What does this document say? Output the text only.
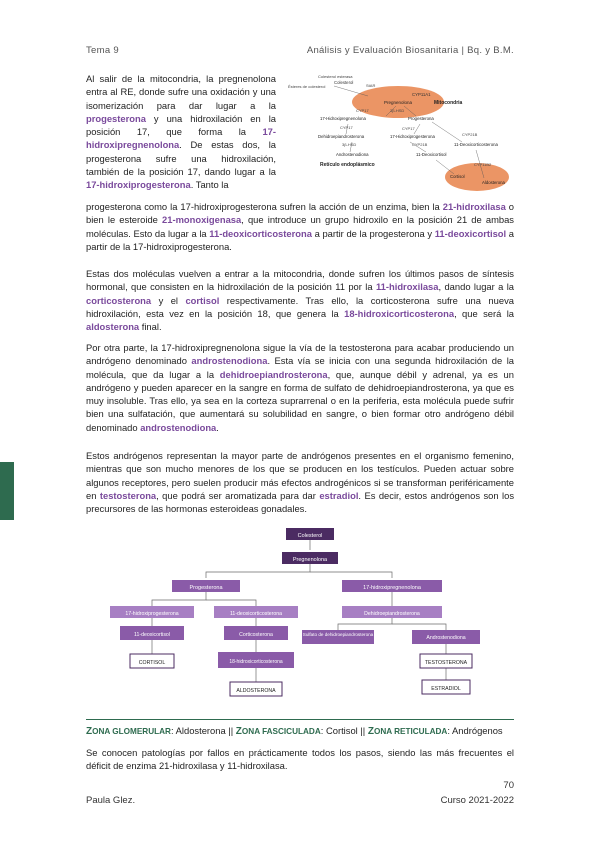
Tema 9	Análisis y Evaluación Biosanitaria | Bq. y B.M.

Al salir de la mitocondria, la pregnenolona entra al RE, donde sufre una oxidación y una isomerización para dar lugar a la progesterona y una hidroxilación en la posición 17, que forma la 17-hidroxipregnenolona. De estas dos, la progesterona sufre una hidroxilación, también de la posición 17, dando lugar a la 17-hidroxiprogesterona. Tanto la

Colesterol
Ésteres de colesterol
Colesterol esterasa
StAR
CYP11A1
Pregnenolona
3β-HSD
CYP17
17-Hidroxipregnenolona	Progesterona
Mitocondria
CYP17	CYP17
CYP21B
Dehidroepiandrosterona	17-Hidroxiprogesterona
11-Deoxicorticosterona
3β-HSD	CYP21B
Androstenodiona	11-Deoxicortisol
Retículo endoplásmico	CYP11B2
Cortisol
Aldosterona

progesterona como la 17-hidroxiprogesterona sufren la acción de un enzima, bien la 21-hidroxilasa o bien le esteroide 21-monoxigenasa, que introduce un grupo hidroxilo en la posición 21 de ambas moléculas. Esto da lugar a la 11-deoxicorticosterona a partir de la progesterona y 11-deoxicortisol a partir de la 17-hidroxiprogesterona.

Estas dos moléculas vuelven a entrar a la mitocondria, donde sufren los últimos pasos de síntesis hormonal, que consisten en la hidroxilación de la posición 11 por la 11-hidroxilasa, dando lugar a la corticosterona y el cortisol respectivamente. Tras ello, la corticosterona sufre una nueva hidroxilación, esta vez en la posición 18, que genera la 18-hidroxicorticosterona, que será la aldosterona final.

Por otra parte, la 17-hidroxipregnenolona sigue la vía de la testosterona para acabar produciendo un andrógeno denominado androstenodiona. Esta vía se inicia con una segunda hidroxilación de la molécula, que da lugar a la dehidroepiandrosterona, que, aunque débil y adrenal, ya es un andrógeno y pueden aparecer en la sangre en forma de sulfato de dehidroepiandrosterona, ya que es muy insoluble. Tras ello, ya sea en la corteza suprarrenal o en la periferia, esta molécula puede sufrir bien una sulfatación, que aumentará su solubilidad en sangre, o bien formar otro andrógeno débil denominado androstenodiona.

Estos andrógenos representan la mayor parte de andrógenos presentes en el organismo femenino, mientras que son mucho menores de los que se producen en los testículos. Pueden actuar sobre algunos receptores, pero suelen producir más efectos androgénicos si se transforman periféricamente en testosterona, que podrá ser aromatizada para dar estradiol. Es decir, estos andrógenos son los precursores de las hormonas esteroideas gonadales.

Colesterol
Pregnenolona
Progesterona	17-hidroxipregnenolona
17-hidroxiprogesterona	11-deoxicorticosterona	Dehidroepiandrosterona
11-deoxicortisol	Corticosterona	Sulfato de dehidroepiandrosterona
Androstenodiona
CORTISOL	18-hidroxicorticosterona	TESTOSTERONA
ALDOSTERONA	ESTRADIOL
ZONA GLOMERULAR: Aldosterona || ZONA FASCICULADA: Cortisol || ZONA RETICULADA: Andrógenos

Se conocen patologías por fallos en prácticamente todos los pasos, siendo las más frecuentes el déficit de enzima 21-hidroxilasa y 11-hidroxilasa.

70
Paula Glez.	Curso 2021-2022
